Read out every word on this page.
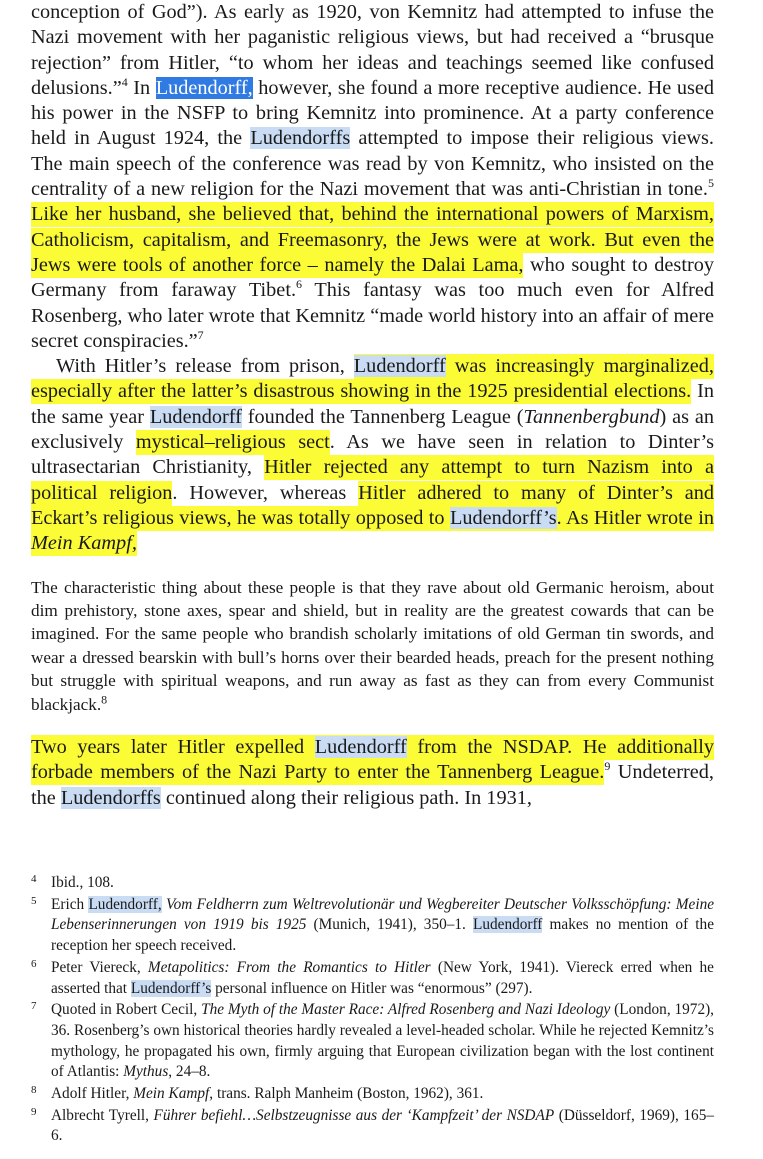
conception of God”). As early as 1920, von Kemnitz had attempted to infuse the Nazi movement with her paganistic religious views, but had received a “brusque rejection” from Hitler, “to whom her ideas and teachings seemed like confused delusions.”$^4$ In Ludendorff, however, she found a more receptive audience. He used his power in the NSFP to bring Kemnitz into prominence. At a party conference held in August 1924, the Ludendorffs attempted to impose their religious views. The main speech of the conference was read by von Kemnitz, who insisted on the centrality of a new religion for the Nazi movement that was anti-Christian in tone.$^5$ Like her husband, she believed that, behind the international powers of Marxism, Catholicism, capitalism, and Freemasonry, the Jews were at work. But even the Jews were tools of another force – namely the Dalai Lama, who sought to destroy Germany from faraway Tibet.$^6$ This fantasy was too much even for Alfred Rosenberg, who later wrote that Kemnitz “made world history into an affair of mere secret conspiracies.”$^7$

With Hitler’s release from prison, Ludendorff was increasingly marginalized, especially after the latter’s disastrous showing in the 1925 presidential elections. In the same year Ludendorff founded the Tannenberg League (Tannenbergbund) as an exclusively mystical–religious sect. As we have seen in relation to Dinter’s ultrasectarian Christianity, Hitler rejected any attempt to turn Nazism into a political religion. However, whereas Hitler adhered to many of Dinter’s and Eckart’s religious views, he was totally opposed to Ludendorff’s. As Hitler wrote in Mein Kampf,

The characteristic thing about these people is that they rave about old Germanic heroism, about dim prehistory, stone axes, spear and shield, but in reality are the greatest cowards that can be imagined. For the same people who brandish scholarly imitations of old German tin swords, and wear a dressed bearskin with bull’s horns over their bearded heads, preach for the present nothing but struggle with spiritual weapons, and run away as fast as they can from every Communist blackjack.$^8$

Two years later Hitler expelled Ludendorff from the NSDAP. He additionally forbade members of the Nazi Party to enter the Tannenberg League.$^9$ Undeterred, the Ludendorffs continued along their religious path. In 1931,

4 Ibid., 108.

5 Erich Ludendorff, Vom Feldherrn zum Weltrevolutionär und Wegbereiter Deutscher Volksschöpfung: Meine Lebenserinnerungen von 1919 bis 1925 (Munich, 1941), 350–1. Ludendorff makes no mention of the reception her speech received.

6 Peter Viereck, Metapolitics: From the Romantics to Hitler (New York, 1941). Viereck erred when he asserted that Ludendorff’s personal influence on Hitler was “enormous” (297).

7 Quoted in Robert Cecil, The Myth of the Master Race: Alfred Rosenberg and Nazi Ideology (London, 1972), 36. Rosenberg’s own historical theories hardly revealed a level-headed scholar. While he rejected Kemnitz’s mythology, he propagated his own, firmly arguing that European civilization began with the lost continent of Atlantis: Mythus, 24–8.

8 Adolf Hitler, Mein Kampf, trans. Ralph Manheim (Boston, 1962), 361.

9 Albrecht Tyrell, Führer befiehl…Selbstzeugnisse aus der ‘Kampfzeit’ der NSDAP (Düsseldorf, 1969), 165–6.
